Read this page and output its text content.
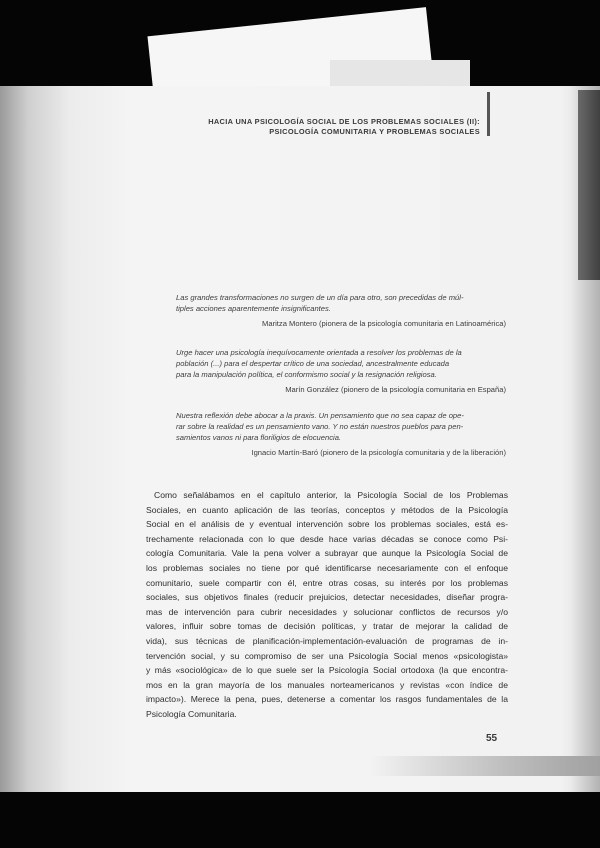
HACIA UNA PSICOLOGÍA SOCIAL DE LOS PROBLEMAS SOCIALES (II):
PSICOLOGÍA COMUNITARIA Y PROBLEMAS SOCIALES

Las grandes transformaciones no surgen de un día para otro, son precedidas de múl-
tiples acciones aparentemente insignificantes.

Maritza Montero (pionera de la psicología comunitaria en Latinoamérica)

Urge hacer una psicología inequívocamente orientada a resolver los problemas de la
población (...) para el despertar crítico de una sociedad, ancestralmente educada
para la manipulación política, el conformismo social y la resignación religiosa.

Marín González (pionero de la psicología comunitaria en España)

Nuestra reflexión debe abocar a la praxis. Un pensamiento que no sea capaz de ope-
rar sobre la realidad es un pensamiento vano. Y no están nuestros pueblos para pen-
samientos vanos ni para floriligios de elocuencia.

Ignacio Martín-Baró (pionero de la psicología comunitaria y de la liberación)

Como señalábamos en el capítulo anterior, la Psicología Social de los Problemas
Sociales, en cuanto aplicación de las teorías, conceptos y métodos de la Psicología
Social en el análisis de y eventual intervención sobre los problemas sociales, está es-
trechamente relacionada con lo que desde hace varias décadas se conoce como Psi-
cología Comunitaria. Vale la pena volver a subrayar que aunque la Psicología Social de
los problemas sociales no tiene por qué identificarse necesariamente con el enfoque
comunitario, suele compartir con él, entre otras cosas, su interés por los problemas
sociales, sus objetivos finales (reducir prejuicios, detectar necesidades, diseñar progra-
mas de intervención para cubrir necesidades y solucionar conflictos de recursos y/o
valores, influir sobre tomas de decisión políticas, y tratar de mejorar la calidad de
vida), sus técnicas de planificación-implementación-evaluación de programas de in-
tervención social, y su compromiso de ser una Psicología Social menos «psicologista»
y más «sociológica» de lo que suele ser la Psicología Social ortodoxa (la que encontra-
mos en la gran mayoría de los manuales norteamericanos y revistas «con índice de
impacto»). Merece la pena, pues, detenerse a comentar los rasgos fundamentales de la
Psicología Comunitaria.
55
